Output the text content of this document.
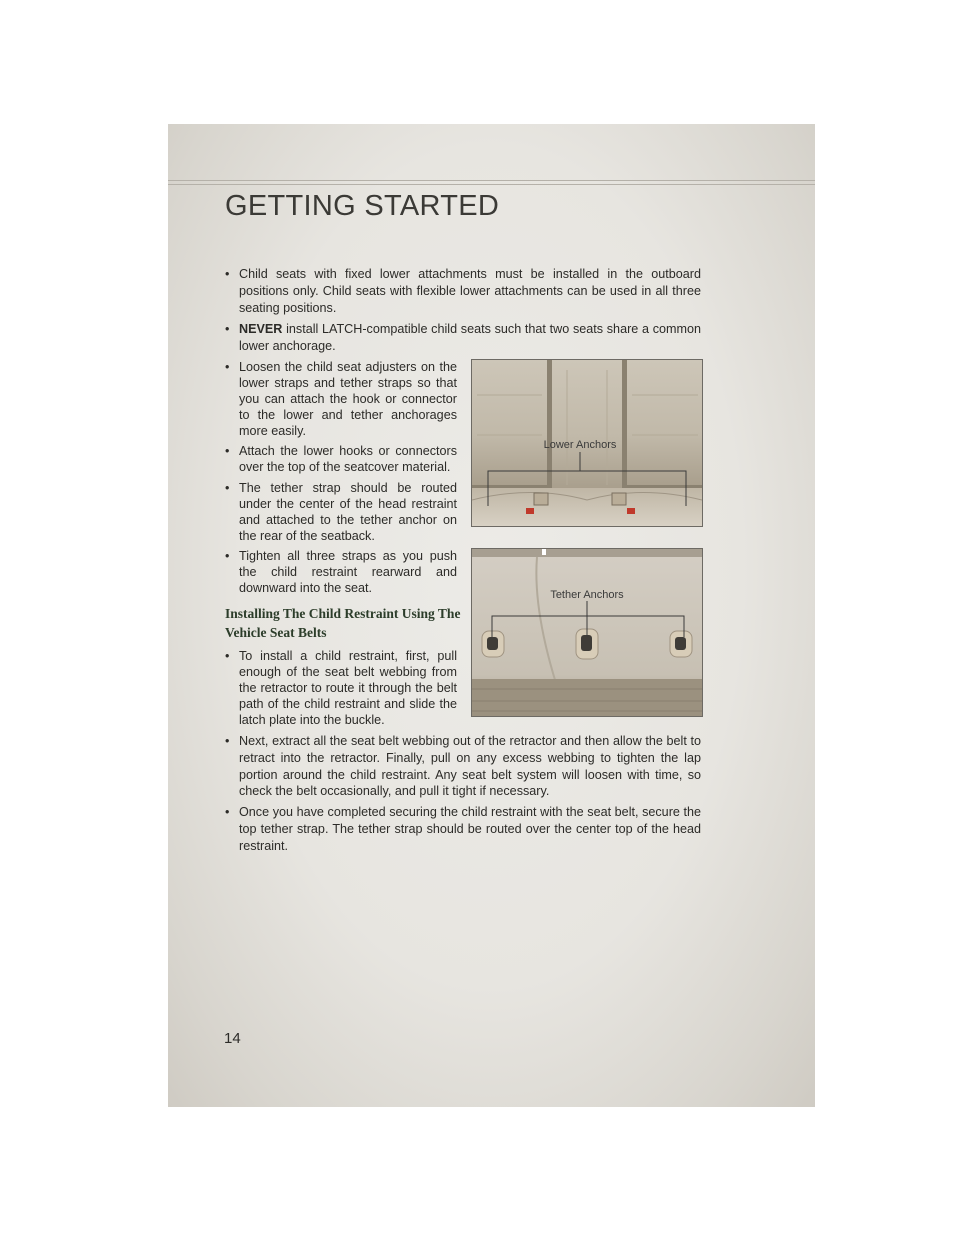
GETTING STARTED

• Child seats with fixed lower attachments must be installed in the outboard positions only. Child seats with flexible lower attachments can be used in all three seating positions.

• NEVER install LATCH-compatible child seats such that two seats share a common lower anchorage.

• Loosen the child seat adjusters on the lower straps and tether straps so that you can attach the hook or connector to the lower and tether anchorages more easily.

• Attach the lower hooks or connectors over the top of the seatcover material.

• The tether strap should be routed under the center of the head restraint and attached to the tether anchor on the rear of the seatback.

• Tighten all three straps as you push the child restraint rearward and downward into the seat.

Installing The Child Restraint Using The Vehicle Seat Belts

• To install a child restraint, first, pull enough of the seat belt webbing from the retractor to route it through the belt path of the child restraint and slide the latch plate into the buckle.

• Next, extract all the seat belt webbing out of the retractor and then allow the belt to retract into the retractor. Finally, pull on any excess webbing to tighten the lap portion around the child restraint. Any seat belt system will loosen with time, so check the belt occasionally, and pull it tight if necessary.

• Once you have completed securing the child restraint with the seat belt, secure the top tether strap. The tether strap should be routed over the center top of the head restraint.

Lower Anchors
Tether Anchors
14
